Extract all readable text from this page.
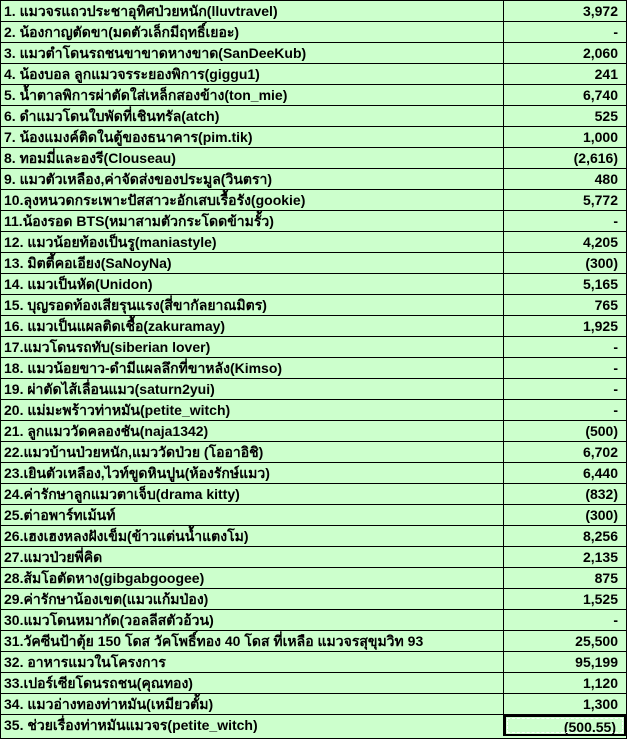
1. แมวจรแถวประชาอุทิศป่วยหนัก(lluvtravel)	3,972
2. น้องกาญตัดขา(มดตัวเล็กมีฤทธิ์เยอะ)	-
3. แมวตำโดนรถชนขาขาดหางขาด(SanDeeKub)	2,060
4. น้องบอล ลูกแมวจรระยองพิการ(giggu1)	241
5. น้ำตาลพิการผ่าตัดใส่เหล็กสองข้าง(ton_mie)	6,740
6. ดำแมวโดนใบพัดที่เชินทรัล(atch)	525
7. น้องแมงค์ติดในตู้ของธนาคาร(pim.tik)	1,000
8. ทอมมี่และองรี(Clouseau)	(2,616)
9. แมวตัวเหลือง,ค่าจัดส่งของประมูล(วินตรา)	480
10.ลุงหนวดกระเพาะปัสสาวะอักเสบเรื้อรัง(gookie)	5,772
11.น้องรอด BTS(หมาสามตัวกระโดดข้ามรั้ว)	-
12. แมวน้อยท้องเป็นรู(maniastyle)	4,205
13. มิตตี้คอเอียง(SaNoyNa)	(300)
14. แมวเป็นหัด(Unidon)	5,165
15. บุญรอดท้องเสียรุนแรง(สี่ขากัลยาณมิตร)	765
16. แมวเป็นแผลติดเชื้อ(zakuramay)	1,925
17.แมวโดนรถทับ(siberian lover)	-
18. แมวน้อยขาว-ดำมีแผลลึกที่ขาหลัง(Kimso)	-
19. ผ่าตัดไส้เลื่อนแมว(saturn2yui)	-
20. แม่มะพร้าวท่าหมัน(petite_witch)	-
21. ลูกแมววัดคลองชัน(naja1342)	(500)
22.แมวบ้านป่วยหนัก,แมววัดป่วย (โออาอิชิ)	6,702
23.เยินตัวเหลือง,ไวท์ขูดหินปูน(ห้องรักษ์แมว)	6,440
24.ค่ารักษาลูกแมวตาเจ็บ(drama kitty)	(832)
25.ต่าอพาร์ทเม้นท์	(300)
26.เฮงเฮงหลงฝังเข็ม(ข้าวแต่นน้ำแตงโม)	8,256
27.แมวป่วยพี่คิด	2,135
28.ส้มโอตัดหาง(gibgabgoogee)	875
29.ค่ารักษาน้องเขต(แมวแก้มป่อง)	1,525
30.แมวโดนหมากัด(วอลลีสตัวอ้วน)	-
31.วัคซีนป้าตุ้ย 150 โดส วัคโพธิ์ทอง 40 โดส ที่เหลือ แมวจรสุขุมวิท 93	25,500
32. อาหารแมวในโครงการ	95,199
33.เปอร์เซียโดนรถชน(คุณทอง)	1,120
34. แมวอ่างทองท่าหมัน(เหมียวตั้ม)	1,300
35. ช่วยเรื่องท่าหมันแมวจร(petite_witch)	(500.55)
